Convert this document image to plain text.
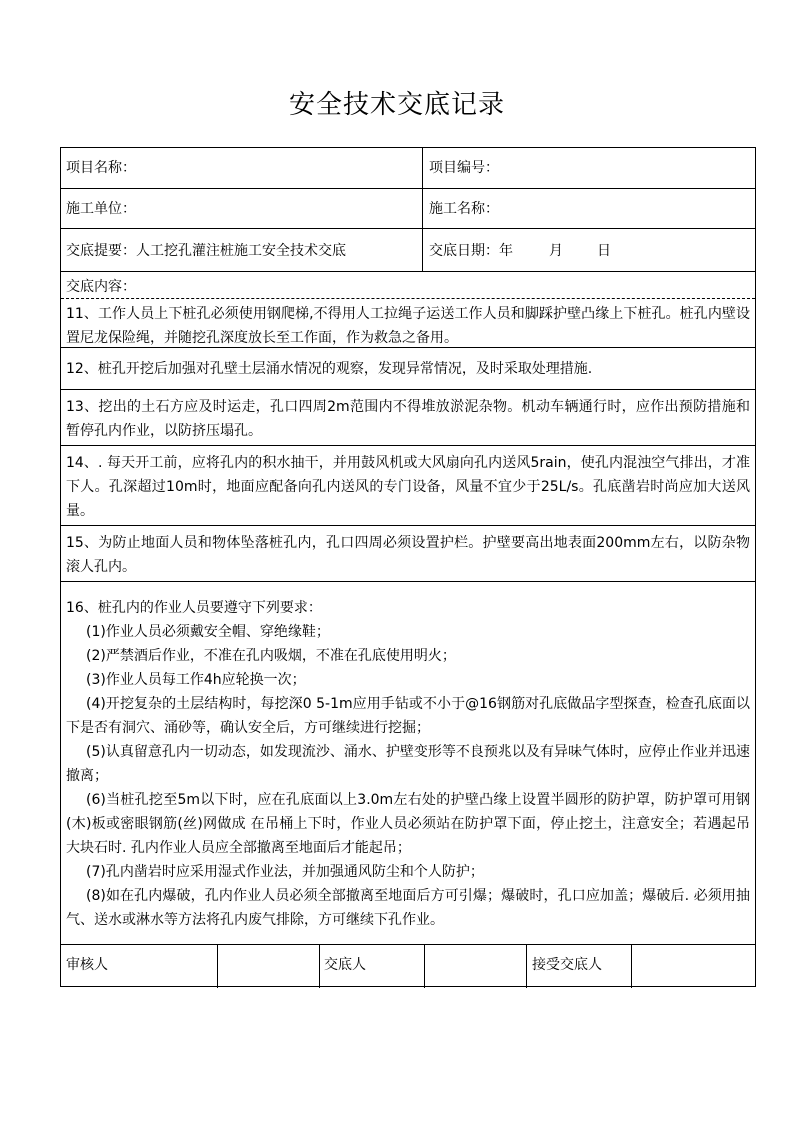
安全技术交底记录
项目名称：	项目编号：
施工单位：	施工名称：
交底提要：人工挖孔灌注桩施工安全技术交底	交底日期：年	月 日
交底内容：
11、工作人员上下桩孔必须使用钢爬梯,不得用人工拉绳子运送工作人员和脚踩护壁凸缘上下桩孔。桩孔内壁设置尼龙保险绳，并随挖孔深度放长至工作面，作为救急之备用。
12、桩孔开挖后加强对孔壁土层涌水情况的观察，发现异常情况，及时采取处理措施.
13、挖出的土石方应及时运走，孔口四周2m范围内不得堆放淤泥杂物。机动车辆通行时，应作出预防措施和暂停孔内作业，以防挤压塌孔。
14、. 每天开工前，应将孔内的积水抽干，并用鼓风机或大风扇向孔内送风5rain，使孔内混浊空气排出，才准下人。孔深超过10m时，地面应配备向孔内送风的专门设备，风量不宜少于25L/s。孔底凿岩时尚应加大送风量。
15、为防止地面人员和物体坠落桩孔内，孔口四周必须设置护栏。护壁要高出地表面200mm左右，以防杂物滚人孔内。
16、桩孔内的作业人员要遵守下列要求：
(1)作业人员必须戴安全帽、穿绝缘鞋；
(2)严禁酒后作业，不准在孔内吸烟，不准在孔底使用明火；
(3)作业人员每工作4h应轮换一次；
(4)开挖复杂的土层结构时，每挖深0 5-1m应用手钻或不小于@16钢筋对孔底做品字型探查，检查孔底面以下是否有洞穴、涌砂等，确认安全后，方可继续进行挖掘；
(5)认真留意孔内一切动态，如发现流沙、涌水、护壁变形等不良预兆以及有异味气体时，应停止作业并迅速撤离；
(6)当桩孔挖至5m以下时，应在孔底面以上3.0m左右处的护壁凸缘上设置半圆形的防护罩，防护罩可用钢(木)板或密眼钢筋(丝)网做成 在吊桶上下时，作业人员必须站在防护罩下面，停止挖土，注意安全；若遇起吊大块石时. 孔内作业人员应全部撤离至地面后才能起吊；
(7)孔内凿岩时应采用湿式作业法，并加强通风防尘和个人防护；
(8)如在孔内爆破，孔内作业人员必须全部撤离至地面后方可引爆；爆破时，孔口应加盖；爆破后. 必须用抽气、送水或淋水等方法将孔内废气排除，方可继续下孔作业。
审核人	交底人	接受交底人
